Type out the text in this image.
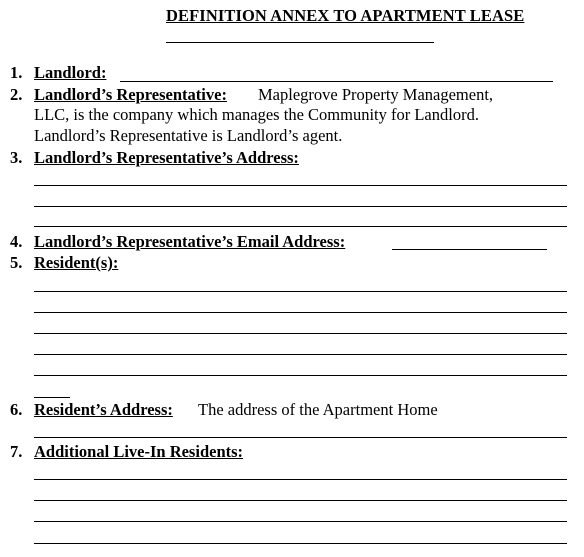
DEFINITION ANNEX TO APARTMENT LEASE
1. Landlord:
2. Landlord’s Representative: Maplegrove Property Management,
LLC, is the company which manages the Community for Landlord.
Landlord’s Representative is Landlord’s agent.
3. Landlord’s Representative’s Address:
4. Landlord’s Representative’s Email Address:
5. Resident(s):
6. Resident’s Address: The address of the Apartment Home
7. Additional Live-In Residents:
